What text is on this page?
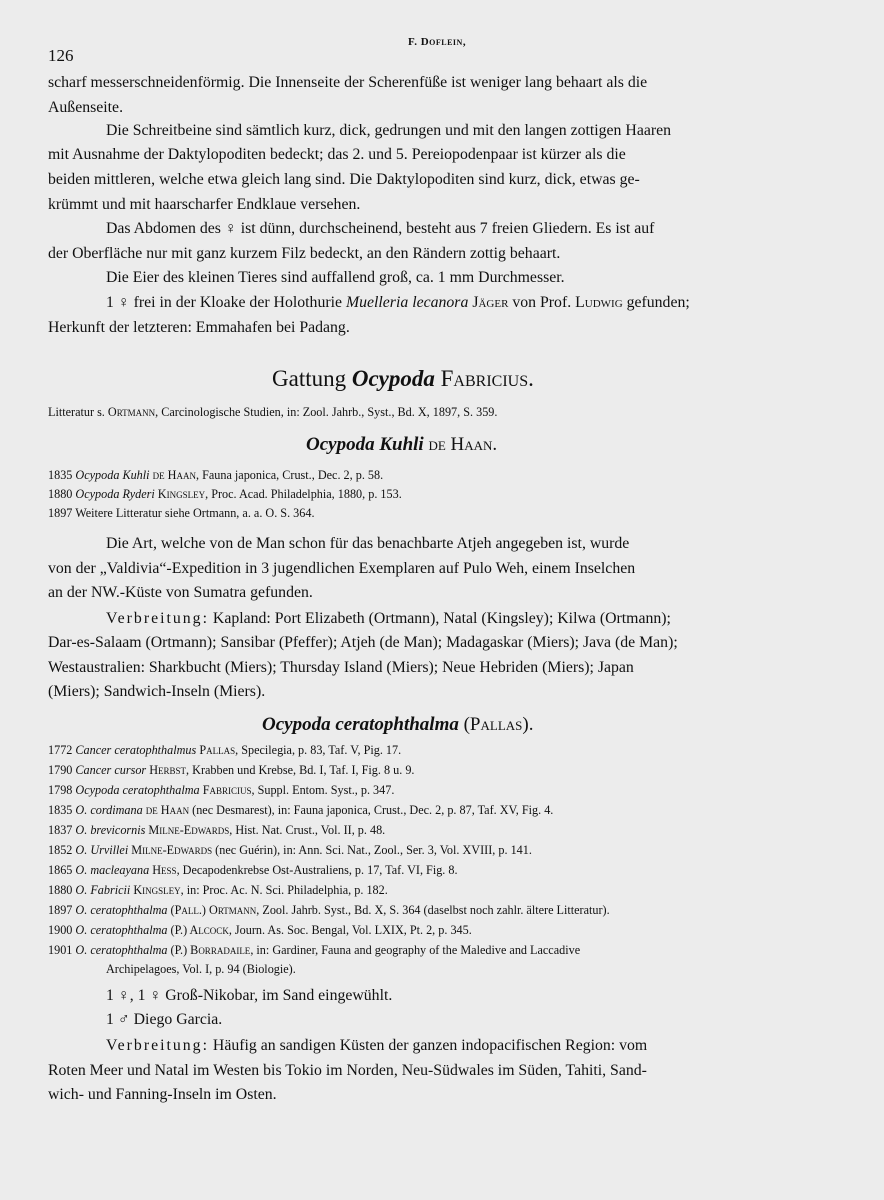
126
F. Doflein,
scharf messerschneidenförmig. Die Innenseite der Scherenfüße ist weniger lang behaart als die
Außenseite.
Die Schreitbeine sind sämtlich kurz, dick, gedrungen und mit den langen zottigen Haaren
mit Ausnahme der Daktylopoditen bedeckt; das 2. und 5. Pereiopodenpaar ist kürzer als die
beiden mittleren, welche etwa gleich lang sind. Die Daktylopoditen sind kurz, dick, etwas ge-
krümmt und mit haarscharfer Endklaue versehen.
Das Abdomen des ♀ ist dünn, durchscheinend, besteht aus 7 freien Gliedern. Es ist auf
der Oberfläche nur mit ganz kurzem Filz bedeckt, an den Rändern zottig behaart.
Die Eier des kleinen Tieres sind auffallend groß, ca. 1 mm Durchmesser.
1 ♀ frei in der Kloake der Holothurie Muelleria lecanora Jäger von Prof. Ludwig gefunden;
Herkunft der letzteren: Emmahafen bei Padang.
Gattung Ocypoda Fabricius.
Litteratur s. Ortmann, Carcinologische Studien, in: Zool. Jahrb., Syst., Bd. X, 1897, S. 359.
Ocypoda Kuhli de Haan.
1835 Ocypoda Kuhli de Haan, Fauna japonica, Crust., Dec. 2, p. 58.
1880 Ocypoda Ryderi Kingsley, Proc. Acad. Philadelphia, 1880, p. 153.
1897 Weitere Litteratur siehe Ortmann, a. a. O. S. 364.
Die Art, welche von de Man schon für das benachbarte Atjeh angegeben ist, wurde
von der „Valdivia“-Expedition in 3 jugendlichen Exemplaren auf Pulo Weh, einem Inselchen
an der NW.-Küste von Sumatra gefunden.
Verbreitung: Kapland: Port Elizabeth (Ortmann), Natal (Kingsley); Kilwa (Ortmann);
Dar-es-Salaam (Ortmann); Sansibar (Pfeffer); Atjeh (de Man); Madagaskar (Miers); Java (de Man);
Westaustralien: Sharkbucht (Miers); Thursday Island (Miers); Neue Hebriden (Miers); Japan
(Miers); Sandwich-Inseln (Miers).
Ocypoda ceratophthalma (Pallas).
1772 Cancer ceratophthalmus Pallas, Specilegia, p. 83, Taf. V, Pig. 17.
1790 Cancer cursor Herbst, Krabben und Krebse, Bd. I, Taf. I, Fig. 8 u. 9.
1798 Ocypoda ceratophthalma Fabricius, Suppl. Entom. Syst., p. 347.
1835 O. cordimana de Haan (nec Desmarest), in: Fauna japonica, Crust., Dec. 2, p. 87, Taf. XV, Fig. 4.
1837 O. brevicornis Milne-Edwards, Hist. Nat. Crust., Vol. II, p. 48.
1852 O. Urvillei Milne-Edwards (nec Guérin), in: Ann. Sci. Nat., Zool., Ser. 3, Vol. XVIII, p. 141.
1865 O. macleayana Hess, Decapodenkrebse Ost-Australiens, p. 17, Taf. VI, Fig. 8.
1880 O. Fabricii Kingsley, in: Proc. Ac. N. Sci. Philadelphia, p. 182.
1897 O. ceratophthalma (Pall.) Ortmann, Zool. Jahrb. Syst., Bd. X, S. 364 (daselbst noch zahlr. ältere Litteratur).
1900 O. ceratophthalma (P.) Alcock, Journ. As. Soc. Bengal, Vol. LXIX, Pt. 2, p. 345.
1901 O. ceratophthalma (P.) Borradaile, in: Gardiner, Fauna and geography of the Maledive and Laccadive
Archipelagoes, Vol. I, p. 94 (Biologie).
1 ♀, 1 ♀ Groß-Nikobar, im Sand eingewühlt.
1 ♂ Diego Garcia.
Verbreitung: Häufig an sandigen Küsten der ganzen indopacifischen Region: vom
Roten Meer und Natal im Westen bis Tokio im Norden, Neu-Südwales im Süden, Tahiti, Sand-
wich- und Fanning-Inseln im Osten.
